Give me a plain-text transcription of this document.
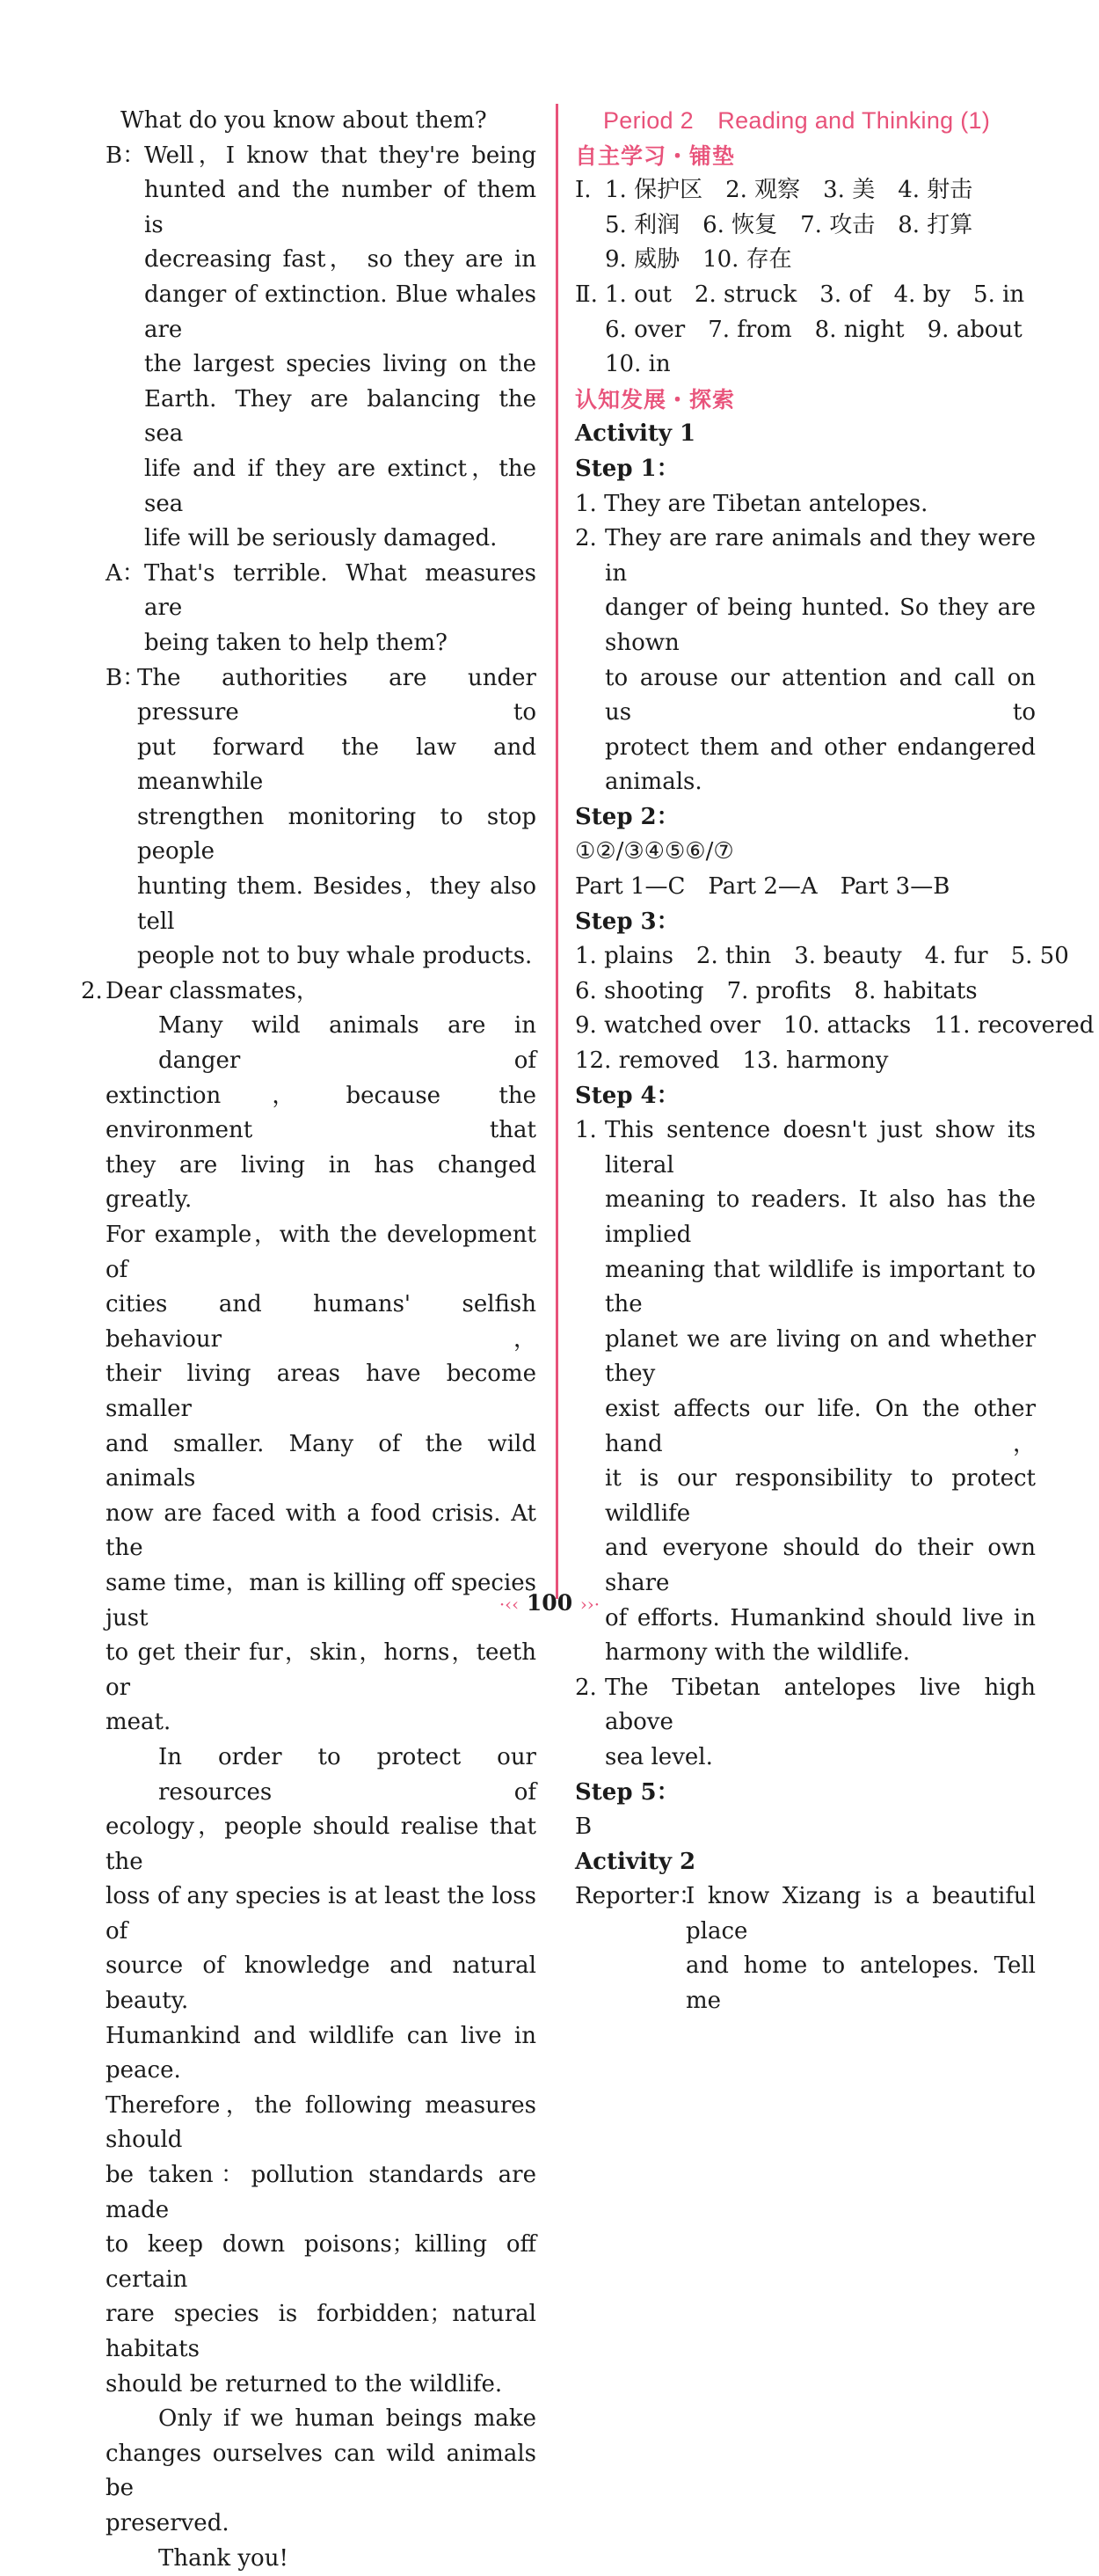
What do you know about them?
B：
Well，I know that they're being
hunted and the number of them is
decreasing fast， so they are in
danger of extinction. Blue whales are
the largest species living on the
Earth. They are balancing the sea
life and if they are extinct，the sea
life will be seriously damaged.
A： That's terrible. What measures are
being taken to help them?
B：
The authorities are under pressure to
put forward the law and meanwhile
strengthen monitoring to stop people
hunting them. Besides，they also tell
people not to buy whale products.
2. Dear classmates，
Many wild animals are in danger of
extinction，because the environment that
they are living in has changed greatly.
For example，with the development of
cities and humans' selfish behaviour，
their living areas have become smaller
and smaller. Many of the wild animals
now are faced with a food crisis. At the
same time，man is killing off species just
to get their fur，skin，horns，teeth or
meat.
In order to protect our resources of
ecology，people should realise that the
loss of any species is at least the loss of
source of knowledge and natural beauty.
Humankind and wildlife can live in peace.
Therefore，the following measures should
be taken：pollution standards are made
to keep down poisons；killing off certain
rare species is forbidden；natural habitats
should be returned to the wildlife.
Only if we human beings make
changes ourselves can wild animals be
preserved.
Thank you!
Period 2　Reading and Thinking (1)
自主学习・铺垫
Ⅰ. 1. 保护区　2. 观察　3. 美　4. 射击
5. 利润　6. 恢复　7. 攻击　8. 打算
9. 威胁　10. 存在
Ⅱ. 1. out　2. struck　3. of　4. by　5. in
6. over　7. from　8. night　9. about
10. in
认知发展・探索
Activity 1
Step 1：
1. They are Tibetan antelopes.
2. They are rare animals and they were in
danger of being hunted. So they are shown
to arouse our attention and call on us to
protect them and other endangered
animals.
Step 2：
①②/③④⑤⑥/⑦
Part 1—C　Part 2—A　Part 3—B
Step 3：
1. plains　2. thin　3. beauty　4. fur　5. 50
6. shooting　7. profits　8. habitats
9. watched over　10. attacks　11. recovered
12. removed　13. harmony
Step 4：
1. This sentence doesn't just show its literal
meaning to readers. It also has the implied
meaning that wildlife is important to the
planet we are living on and whether they
exist affects our life. On the other hand，
it is our responsibility to protect wildlife
and everyone should do their own share
of efforts. Humankind should live in
harmony with the wildlife.
2. The Tibetan antelopes live high above
sea level.
Step 5：
B
Activity 2
Reporter：
I know Xizang is a beautiful place
and home to antelopes. Tell me
·‹‹ 100 ››·
